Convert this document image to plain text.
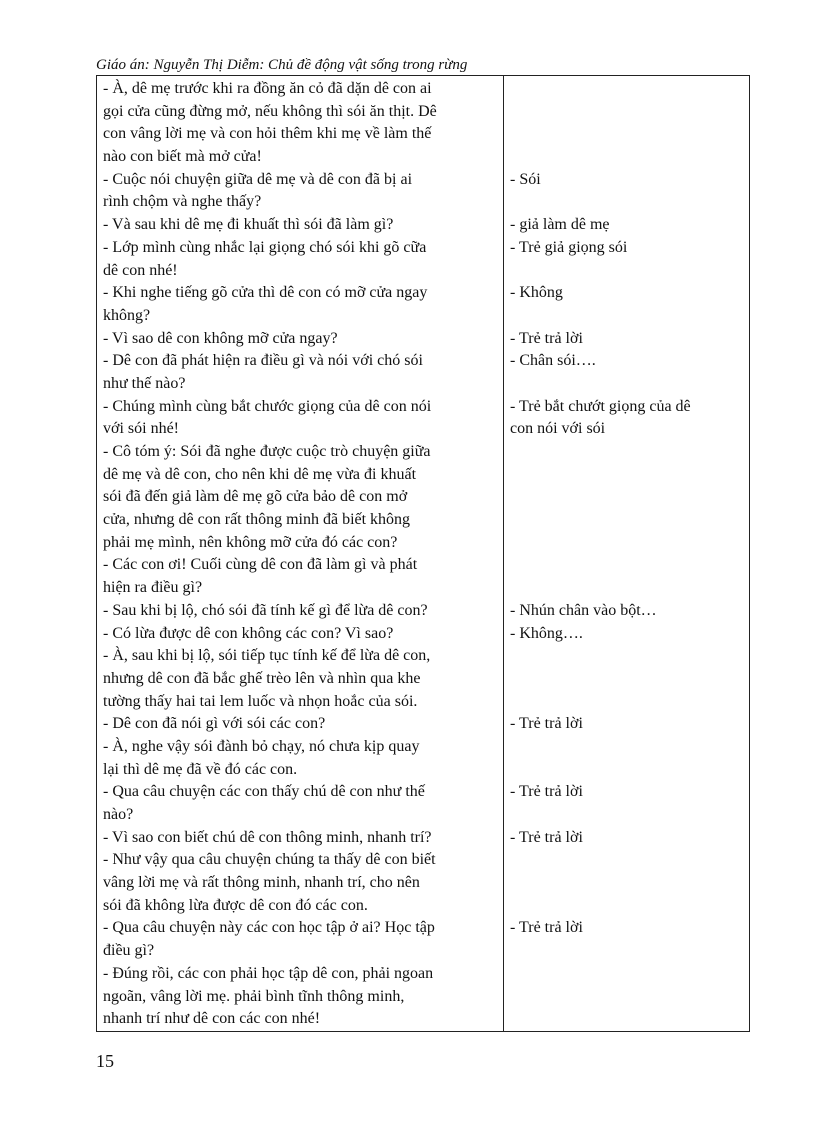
Giáo án: Nguyễn Thị Diễm: Chủ đề động vật sống trong rừng
- À, dê mẹ trước khi ra đồng ăn cỏ đã dặn dê con ai
gọi cửa cũng đừng mở, nếu không thì sói ăn thịt. Dê
con vâng lời mẹ và con hỏi thêm khi mẹ về làm thế
nào con biết mà mở cửa!
- Cuộc nói chuyện giữa dê mẹ và dê con đã bị ai
rình chộm và nghe thấy?
- Và sau khi dê mẹ đi khuất thì sói đã làm gì?
- Lớp mình cùng nhắc lại giọng chó sói khi gõ cữa
dê con nhé!
- Khi nghe tiếng gõ cửa thì dê con có mỡ cửa ngay
không?
- Vì sao dê con không mỡ cửa ngay?
- Dê con đã phát hiện ra điều gì và nói với chó sói
như thế nào?
- Chúng mình cùng bắt chước giọng của dê con nói
với sói nhé!
- Cô tóm ý: Sói đã nghe được cuộc trò chuyện giữa
dê mẹ và dê con, cho nên khi dê mẹ vừa đi khuất
sói đã đến giả làm dê mẹ gõ cửa bảo dê con mở
cửa, nhưng dê con rất thông minh đã biết không
phải mẹ mình, nên không mỡ cửa đó các con?
- Các con ơi! Cuối cùng dê con đã làm gì và phát
hiện ra điều gì?
- Sau khi bị lộ, chó sói đã tính kế gì để lừa dê con?
- Có lừa được dê con không các con? Vì sao?
- À, sau khi bị lộ, sói tiếp tục tính kế để lừa dê con,
nhưng dê con đã bắc ghế trèo lên và nhìn qua khe
tường thấy hai tai lem luốc và nhọn hoắc của sói.
- Dê con đã nói gì với sói các con?
- À, nghe vậy sói đành bỏ chạy, nó chưa kịp quay
lại thì dê mẹ đã về đó các con.
- Qua câu chuyện các con thấy chú dê con như thế
nào?
- Vì sao con biết chú dê con thông minh, nhanh trí?
- Như vậy qua câu chuyện chúng ta thấy dê con biết
vâng lời mẹ và rất thông minh, nhanh trí, cho nên
sói đã không lừa được dê con đó các con.
- Qua câu chuyện này các con học tập ở ai? Học tập
điều gì?
- Đúng rồi, các con phải học tập dê con, phải ngoan
ngoãn, vâng lời mẹ. phải bình tĩnh thông minh,
nhanh trí như dê con các con nhé!
- Sói
- giả làm dê mẹ
- Trẻ giả giọng sói
- Không
- Trẻ trả lời
- Chân sói….
- Trẻ bắt chướt giọng của dê
con nói với sói
- Nhún chân vào bột…
- Không….
- Trẻ trả lời
- Trẻ trả lời
- Trẻ trả lời
- Trẻ trả lời
15
